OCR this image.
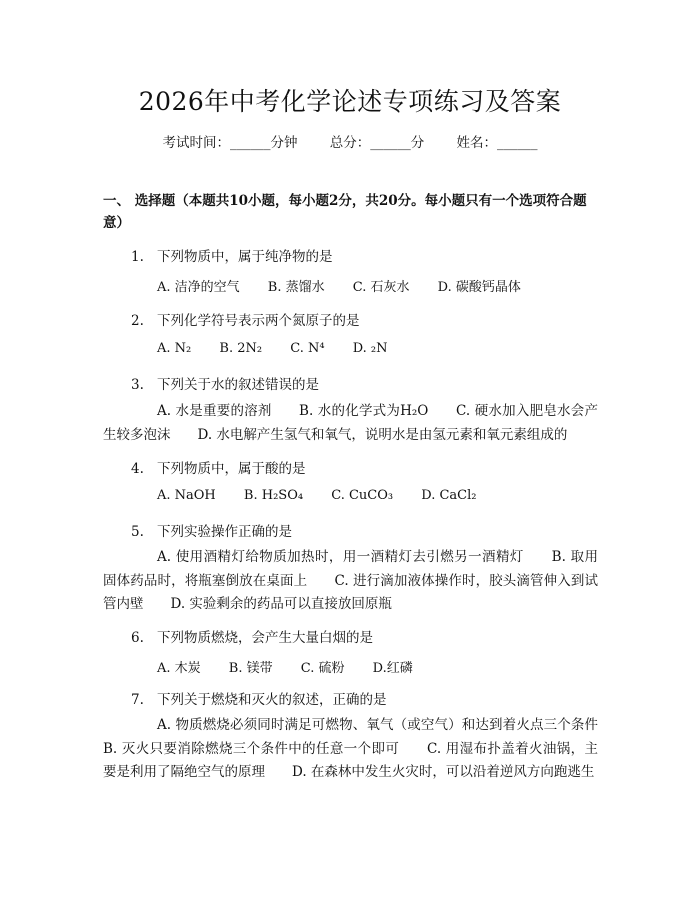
2026年中考化学论述专项练习及答案
考试时间：______分钟 总分：______分 姓名：______
一、 选择题（本题共10小题，每小题2分，共20分。每小题只有一个选项符合题意）
1. 下列物质中，属于纯净物的是
A. 洁净的空气 B. 蒸馏水 C. 石灰水 D. 碳酸钙晶体
2. 下列化学符号表示两个氮原子的是
A. N₂ B. 2N₂ C. N⁴ D. ₂N
3. 下列关于水的叙述错误的是
A. 水是重要的溶剂　　B. 水的化学式为H₂O　　C. 硬水加入肥皂水会产生较多泡沫　　D. 水电解产生氢气和氧气，说明水是由氢元素和氧元素组成的
4. 下列物质中，属于酸的是
A. NaOH B. H₂SO₄ C. CuCO₃ D. CaCl₂
5. 下列实验操作正确的是
A. 使用酒精灯给物质加热时，用一酒精灯去引燃另一酒精灯　　B. 取用固体药品时，将瓶塞倒放在桌面上　　C. 进行滴加液体操作时，胶头滴管伸入到试管内壁　　D. 实验剩余的药品可以直接放回原瓶
6. 下列物质燃烧，会产生大量白烟的是
A. 木炭 B. 镁带 C. 硫粉 D.红磷
7. 下列关于燃烧和灭火的叙述，正确的是
A. 物质燃烧必须同时满足可燃物、氧气（或空气）和达到着火点三个条件　　B. 灭火只要消除燃烧三个条件中的任意一个即可　　C. 用湿布扑盖着火油锅，主要是利用了隔绝空气的原理　　D. 在森林中发生火灾时，可以沿着逆风方向跑逃生
